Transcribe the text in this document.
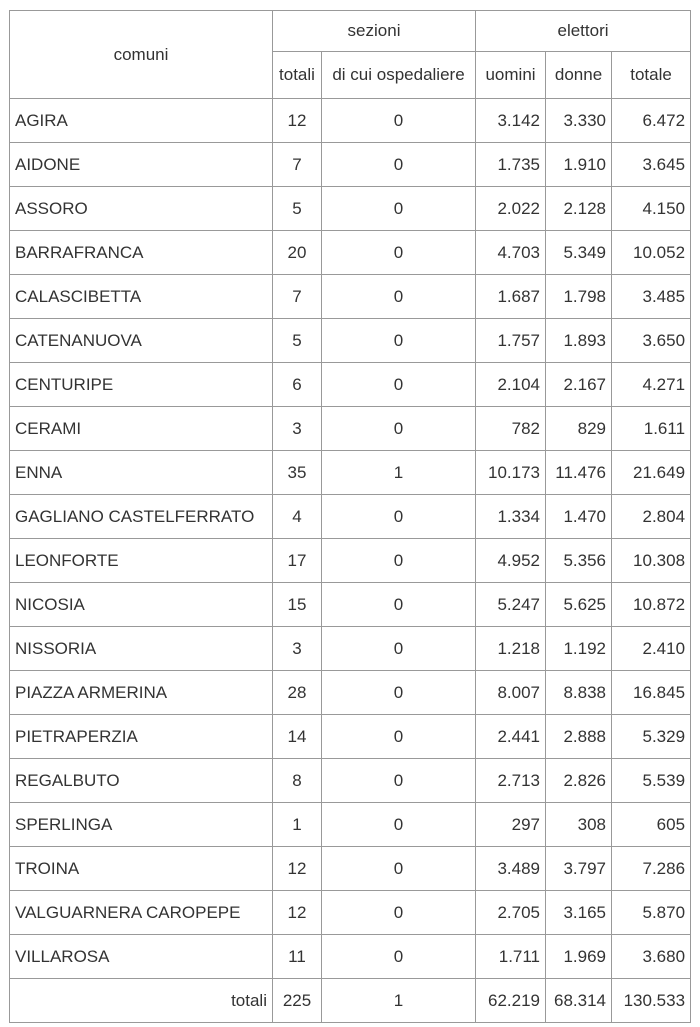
comuni	sezioni		elettori		
	totali	di cui ospedaliere	uomini	donne	totale
AGIRA	12	0	3.142	3.330	6.472
AIDONE	7	0	1.735	1.910	3.645
ASSORO	5	0	2.022	2.128	4.150
BARRAFRANCA	20	0	4.703	5.349	10.052
CALASCIBETTA	7	0	1.687	1.798	3.485
CATENANUOVA	5	0	1.757	1.893	3.650
CENTURIPE	6	0	2.104	2.167	4.271
CERAMI	3	0	782	829	1.611
ENNA	35	1	10.173	11.476	21.649
GAGLIANO CASTELFERRATO	4	0	1.334	1.470	2.804
LEONFORTE	17	0	4.952	5.356	10.308
NICOSIA	15	0	5.247	5.625	10.872
NISSORIA	3	0	1.218	1.192	2.410
PIAZZA ARMERINA	28	0	8.007	8.838	16.845
PIETRAPERZIA	14	0	2.441	2.888	5.329
REGALBUTO	8	0	2.713	2.826	5.539
SPERLINGA	1	0	297	308	605
TROINA	12	0	3.489	3.797	7.286
VALGUARNERA CAROPEPE	12	0	2.705	3.165	5.870
VILLAROSA	11	0	1.711	1.969	3.680
totali	225	1	62.219	68.314	130.533
